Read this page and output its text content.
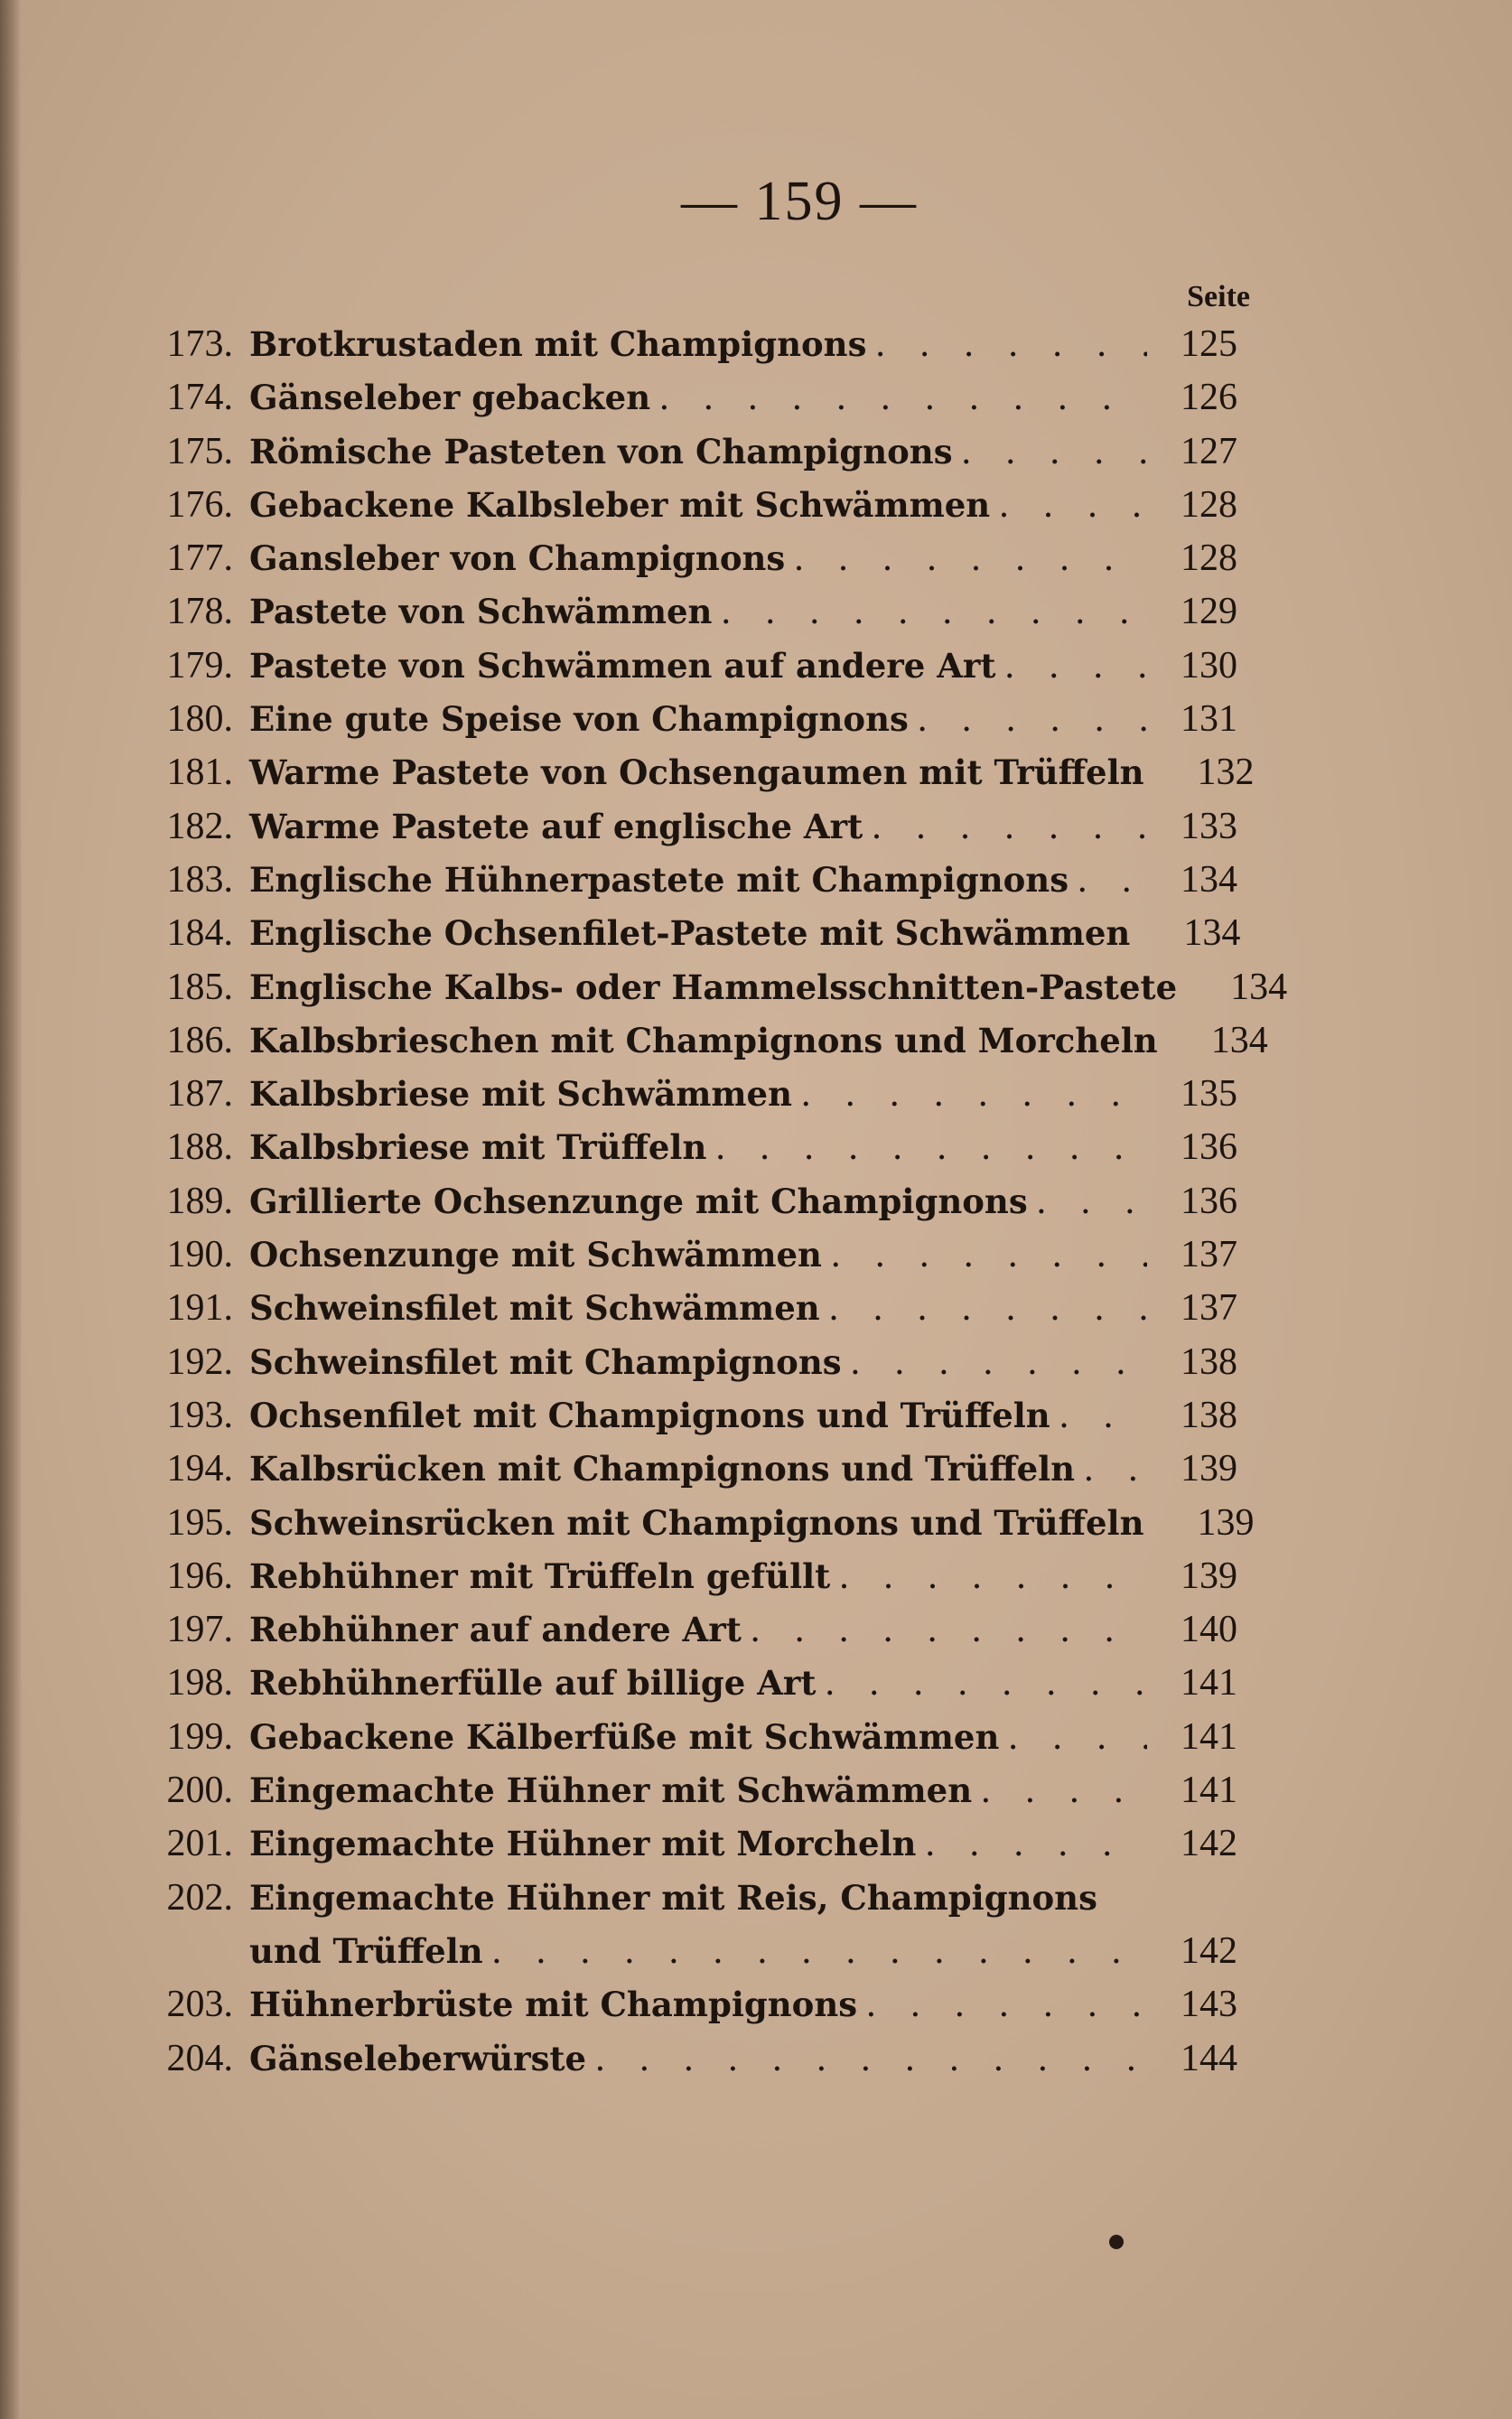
— 159 —
Seite
173. Brotkrustaden mit Champignons . . .	125
174. Gänseleber gebacken . . .	126
175. Römische Pasteten von Champignons . . .	127
176. Gebackene Kalbsleber mit Schwämmen . . .	128
177. Gansleber von Champignons . . .	128
178. Pastete von Schwämmen . . .	129
179. Pastete von Schwämmen auf andere Art . . .	130
180. Eine gute Speise von Champignons . . .	131
181. Warme Pastete von Ochsengaumen mit Trüffeln	132
182. Warme Pastete auf englische Art . . .	133
183. Englische Hühnerpastete mit Champignons . . .	134
184. Englische Ochsenfilet-Pastete mit Schwämmen	134
185. Englische Kalbs- oder Hammelsschnitten-Pastete	134
186. Kalbsbrieschen mit Champignons und Morcheln	134
187. Kalbsbriese mit Schwämmen . . .	135
188. Kalbsbriese mit Trüffeln . . .	136
189. Grillierte Ochsenzunge mit Champignons . . .	136
190. Ochsenzunge mit Schwämmen . . .	137
191. Schweinsfilet mit Schwämmen . . .	137
192. Schweinsfilet mit Champignons . . .	138
193. Ochsenfilet mit Champignons und Trüffeln . . .	138
194. Kalbsrücken mit Champignons und Trüffeln . . .	139
195. Schweinsrücken mit Champignons und Trüffeln	139
196. Rebhühner mit Trüffeln gefüllt . . .	139
197. Rebhühner auf andere Art . . .	140
198. Rebhühnerfülle auf billige Art . . .	141
199. Gebackene Kälberfüße mit Schwämmen . . .	141
200. Eingemachte Hühner mit Schwämmen . . .	141
201. Eingemachte Hühner mit Morcheln . . .	142
202. Eingemachte Hühner mit Reis, Champignons
und Trüffeln . . .	142
203. Hühnerbrüste mit Champignons . . .	143
204. Gänseleberwürste . . .	144
